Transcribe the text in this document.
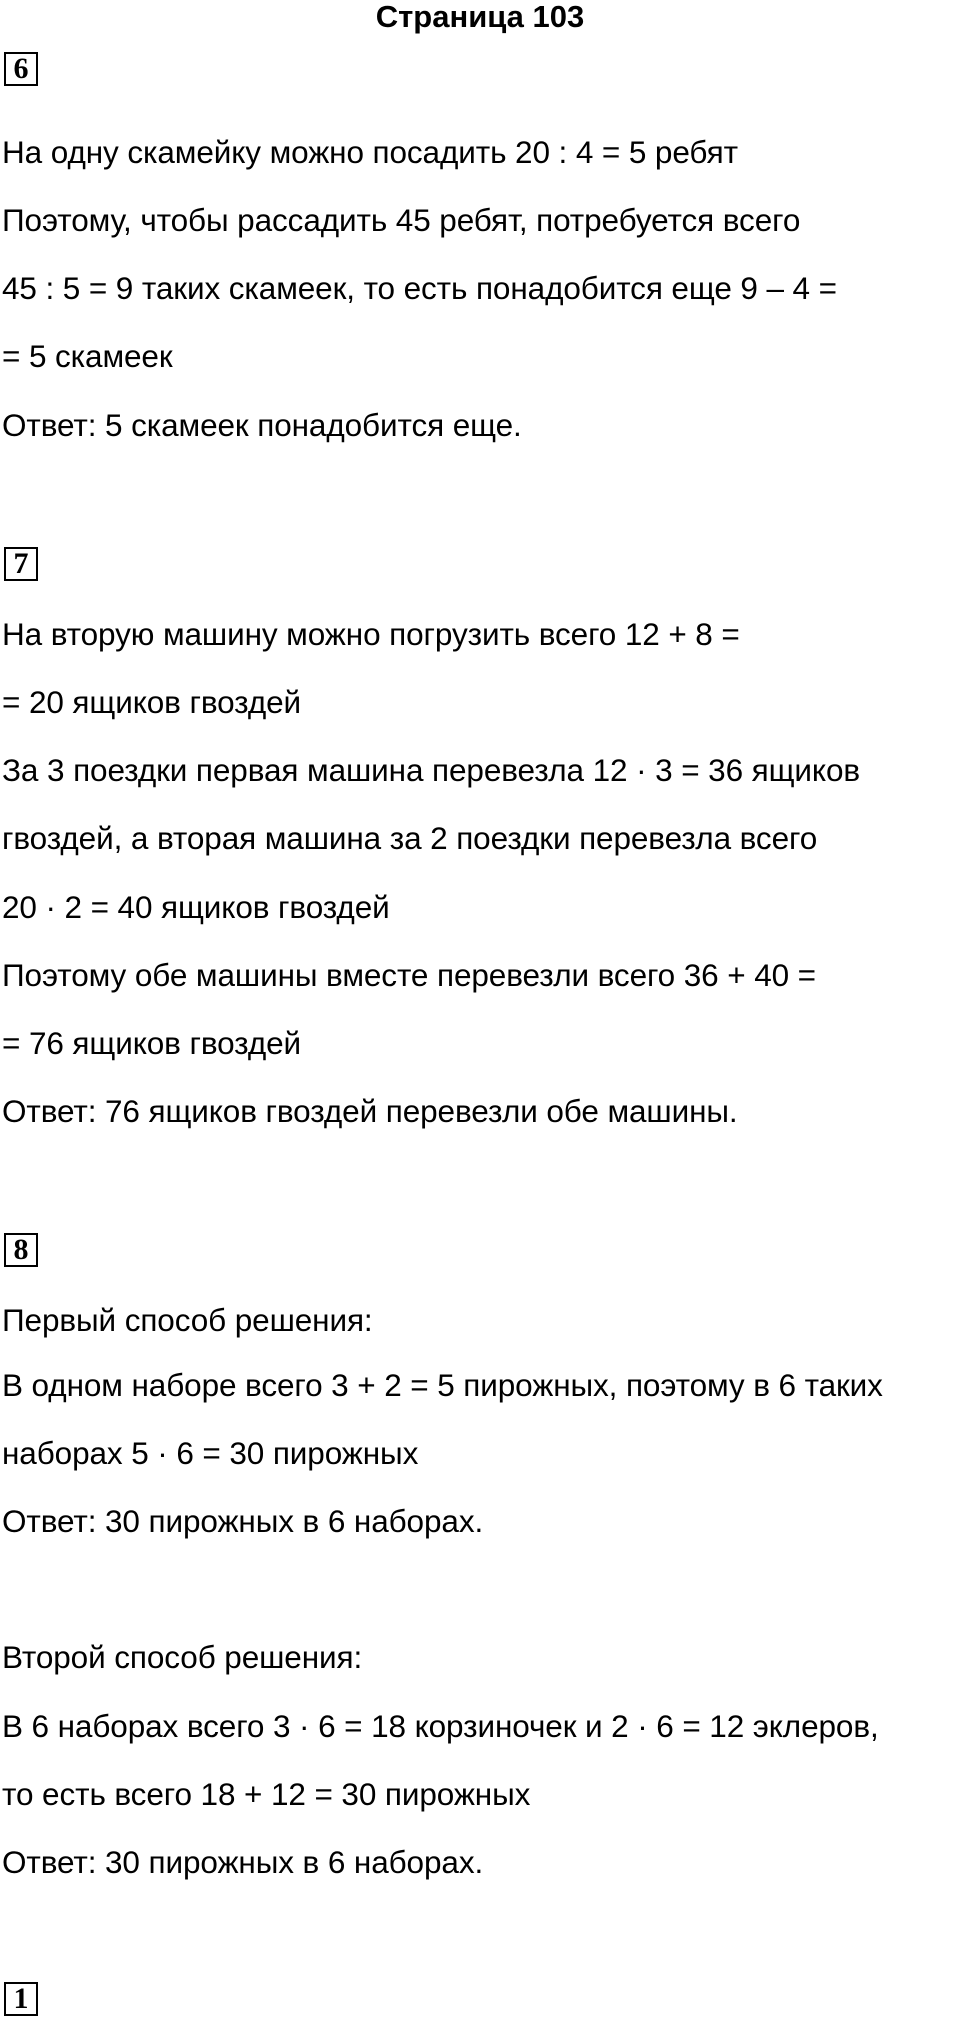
Страница 103
6
На одну скамейку можно посадить 20 : 4 = 5 ребят
Поэтому, чтобы рассадить 45 ребят, потребуется всего
45 : 5 = 9 таких скамеек, то есть понадобится еще 9 – 4 =
= 5 скамеек
Ответ: 5 скамеек понадобится еще.
7
На вторую машину можно погрузить всего 12 + 8 =
= 20 ящиков гвоздей
За 3 поездки первая машина перевезла 12 · 3 = 36 ящиков
гвоздей, а вторая машина за 2 поездки перевезла всего
20 · 2 = 40 ящиков гвоздей
Поэтому обе машины вместе перевезли всего 36 + 40 =
= 76 ящиков гвоздей
Ответ: 76 ящиков гвоздей перевезли обе машины.
8
Первый способ решения:
В одном наборе всего 3 + 2 = 5 пирожных, поэтому в 6 таких
наборах 5 · 6 = 30 пирожных
Ответ: 30 пирожных в 6 наборах.
Второй способ решения:
В 6 наборах всего 3 · 6 = 18 корзиночек и 2 · 6 = 12 эклеров,
то есть всего 18 + 12 = 30 пирожных
Ответ: 30 пирожных в 6 наборах.
1
